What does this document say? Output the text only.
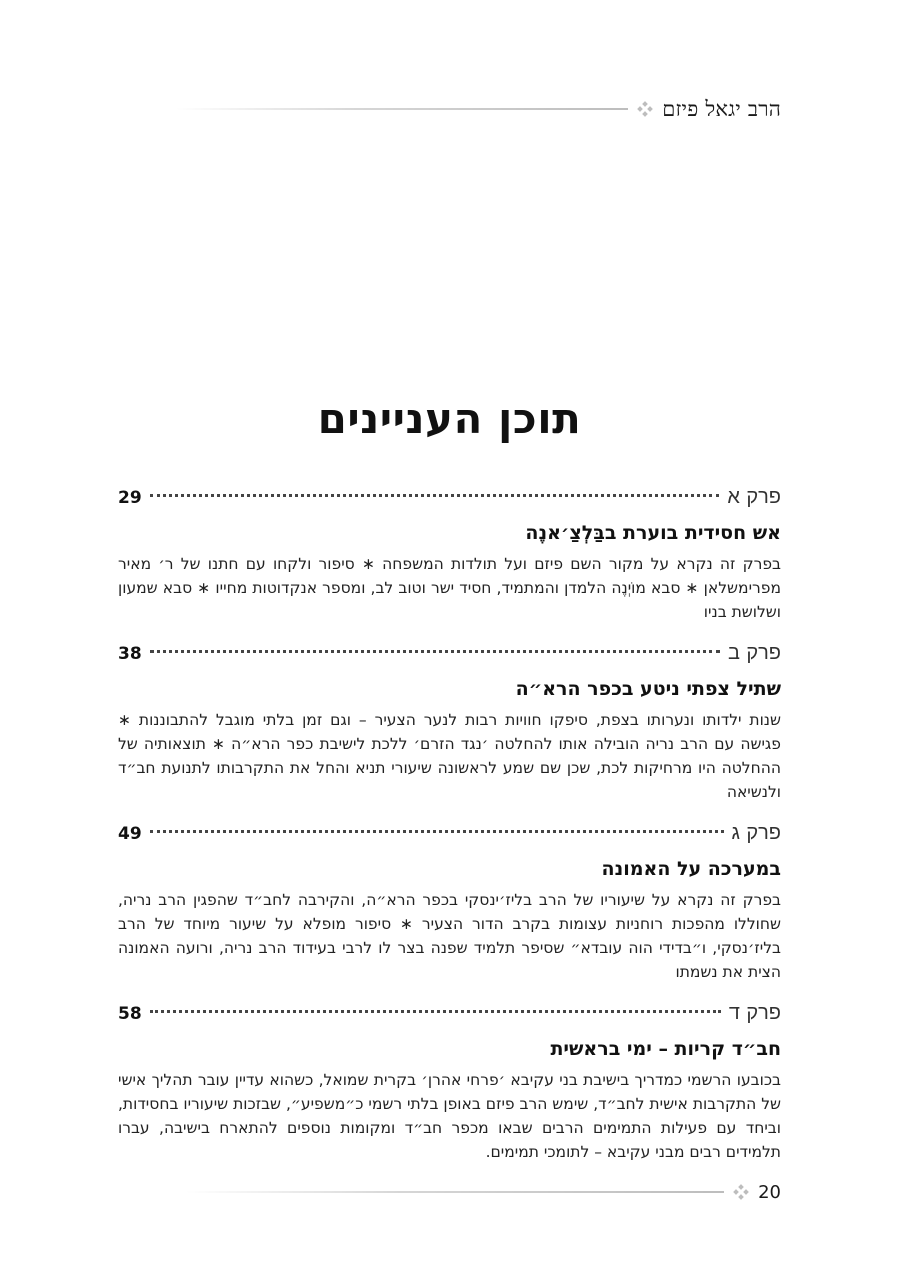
הרב יגאל פיזם
תוכן העניינים
פרק א
29
אש חסידית בוערת בבַּלְצַ׳אנֶה
בפרק זה נקרא על מקור השם פיזם ועל תולדות המשפחה ∗ סיפור ולקחו עם חתנו של ר׳ מאיר מפרימשלאן ∗ סבא מוֹיְנֶה הלמדן והמתמיד, חסיד ישר וטוב לב, ומספר אנקדוטות מחייו ∗ סבא שמעון ושלושת בניו
פרק ב
38
שתיל צפתי ניטע בכפר הרא״ה
שנות ילדותו ונערותו בצפת, סיפקו חוויות רבות לנער הצעיר – וגם זמן בלתי מוגבל להתבוננות ∗ פגישה עם הרב נריה הובילה אותו להחלטה ׳נגד הזרם׳ ללכת לישיבת כפר הרא״ה ∗ תוצאותיה של ההחלטה היו מרחיקות לכת, שכן שם שמע לראשונה שיעורי תניא והחל את התקרבותו לתנועת חב״ד ולנשיאה
פרק ג
49
במערכה על האמונה
בפרק זה נקרא על שיעוריו של הרב בליז׳ינסקי בכפר הרא״ה, והקירבה לחב״ד שהפגין הרב נריה, שחוללו מהפכות רוחניות עצומות בקרב הדור הצעיר ∗ סיפור מופלא על שיעור מיוחד של הרב בליז׳נסקי, ו״בדידי הוה עובדא״ שסיפר תלמיד שפנה בצר לו לרבי בעידוד הרב נריה, ורועה האמונה הצית את נשמתו
פרק ד
58
חב״ד קריות – ימי בראשית
בכובעו הרשמי כמדריך בישיבת בני עקיבא ׳פרחי אהרן׳ בקרית שמואל, כשהוא עדיין עובר תהליך אישי של התקרבות אישית לחב״ד, שימש הרב פיזם באופן בלתי רשמי כ״משפיע״, שבזכות שיעוריו בחסידות, וביחד עם פעילות התמימים הרבים שבאו מכפר חב״ד ומקומות נוספים להתארח בישיבה, עברו תלמידים רבים מבני עקיבא – לתומכי תמימים.
20
